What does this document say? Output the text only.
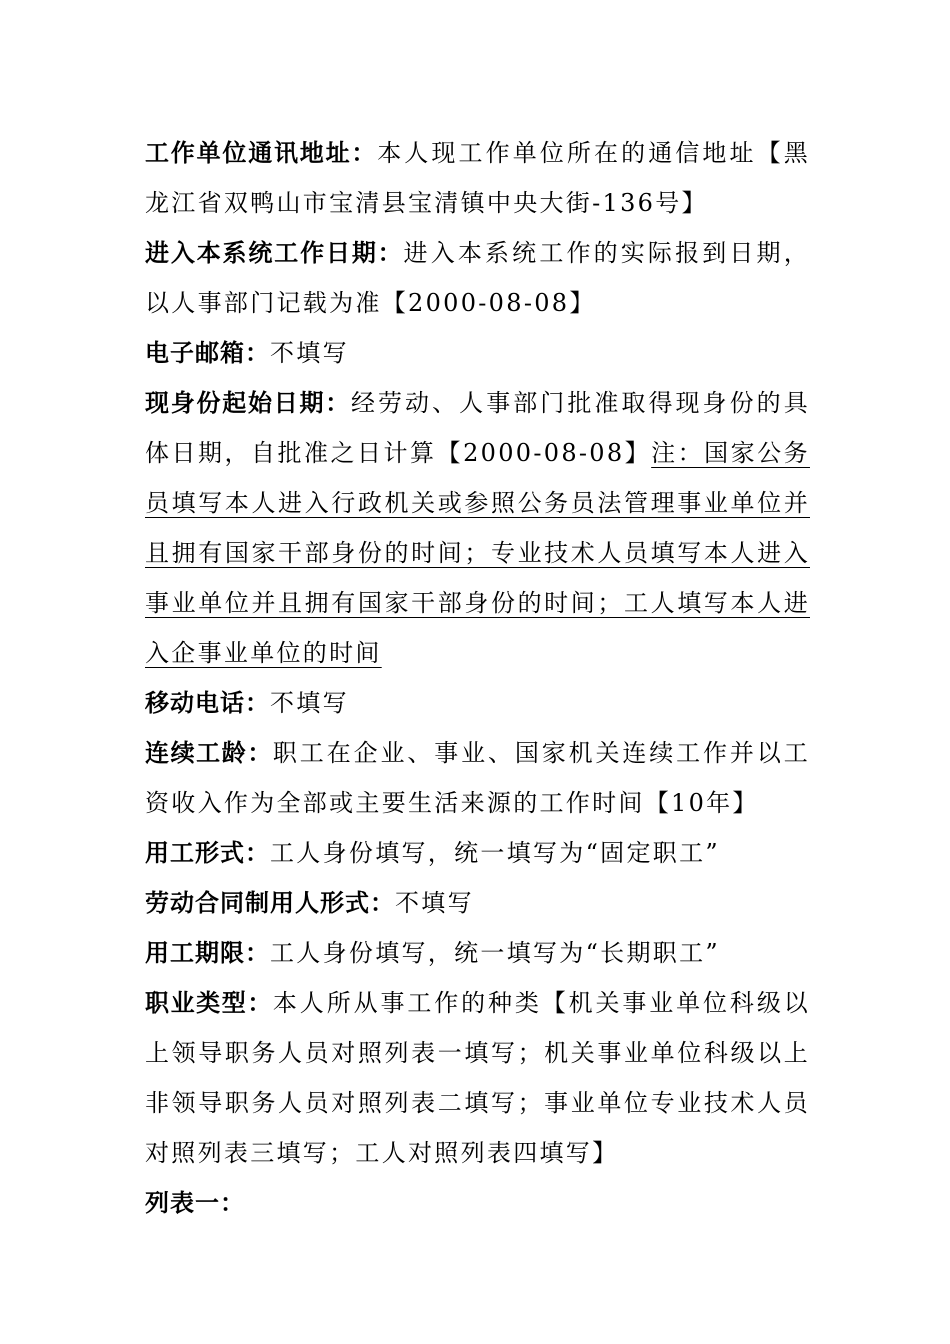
工作单位通讯地址：本人现工作单位所在的通信地址【黑龙江省双鸭山市宝清县宝清镇中央大街-136号】

进入本系统工作日期：进入本系统工作的实际报到日期，以人事部门记载为准【2000-08-08】

电子邮箱：不填写

现身份起始日期：经劳动、人事部门批准取得现身份的具体日期，自批准之日计算【2000-08-08】注：国家公务员填写本人进入行政机关或参照公务员法管理事业单位并且拥有国家干部身份的时间；专业技术人员填写本人进入事业单位并且拥有国家干部身份的时间；工人填写本人进入企事业单位的时间

移动电话：不填写

连续工龄：职工在企业、事业、国家机关连续工作并以工资收入作为全部或主要生活来源的工作时间【10年】

用工形式：工人身份填写，统一填写为“固定职工”

劳动合同制用人形式：不填写

用工期限：工人身份填写，统一填写为“长期职工”

职业类型：本人所从事工作的种类【机关事业单位科级以上领导职务人员对照列表一填写；机关事业单位科级以上非领导职务人员对照列表二填写；事业单位专业技术人员对照列表三填写；工人对照列表四填写】

列表一：
